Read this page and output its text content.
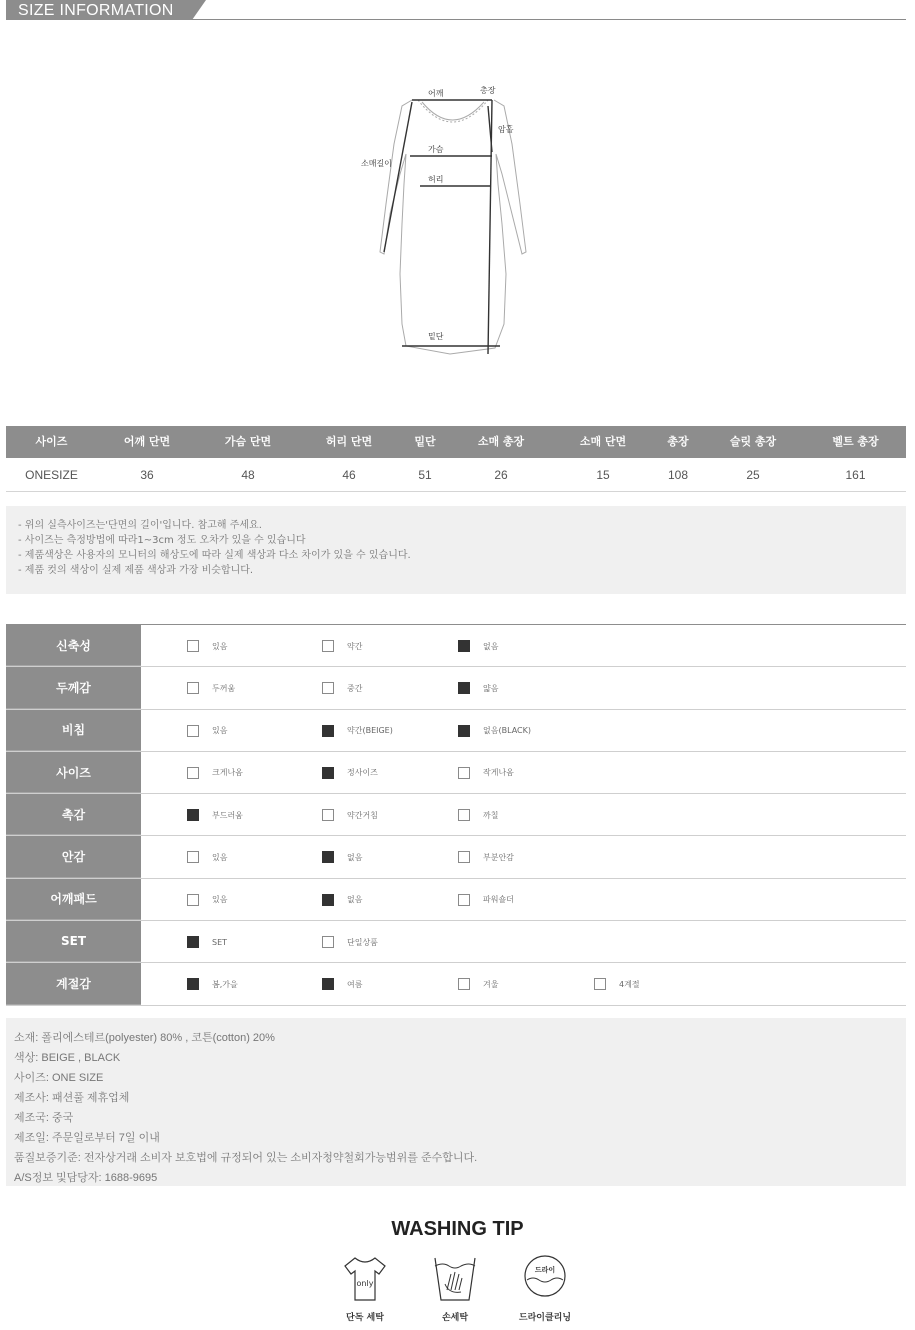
SIZE INFORMATION
어깨	총장
암홀
소매길이
가슴
허리
밑단
사이즈	어깨 단면	가슴 단면	허리 단면	밑단	소매 총장	소매 단면	총장	슬릿 총장	벨트 총장
ONESIZE	36	48	46	51	26	15	108	25	161

- 위의 실측사이즈는'단면의 길이'입니다. 참고해 주세요.

- 사이즈는 측정방법에 따라1~3cm 정도 오차가 있을 수 있습니다

- 제품색상은 사용자의 모니터의 해상도에 따라 실제 색상과 다소 차이가 있을 수 있습니다.

- 제품 컷의 색상이 실제 제품 색상과 가장 비슷합니다.

신축성	있음	약간	없음
두께감	두꺼움	중간	얇음
비침	있음	약간(BEIGE)	없음(BLACK)
사이즈	크게나옴	정사이즈	작게나옴
촉감	부드러움	약간거침	까칠
안감	있음	없음	부분안감
어깨패드	있음	없음	파워숄더
SET	SET	단일상품
계절감	봄,가을	여름	겨울	4계절

소재: 폴리에스테르(polyester) 80% , 코튼(cotton) 20%

색상: BEIGE , BLACK

사이즈: ONE SIZE

제조사: 패션풀 제휴업체

제조국: 중국

제조일: 주문일로부터 7일 이내

품질보증기준: 전자상거래 소비자 보호법에 규정되어 있는 소비자청약철회가능범위를 준수합니다.

A/S정보 및담당자: 1688-9695

WASHING TIP
only
단독 세탁	손세탁
드라이
드라이클리닝
